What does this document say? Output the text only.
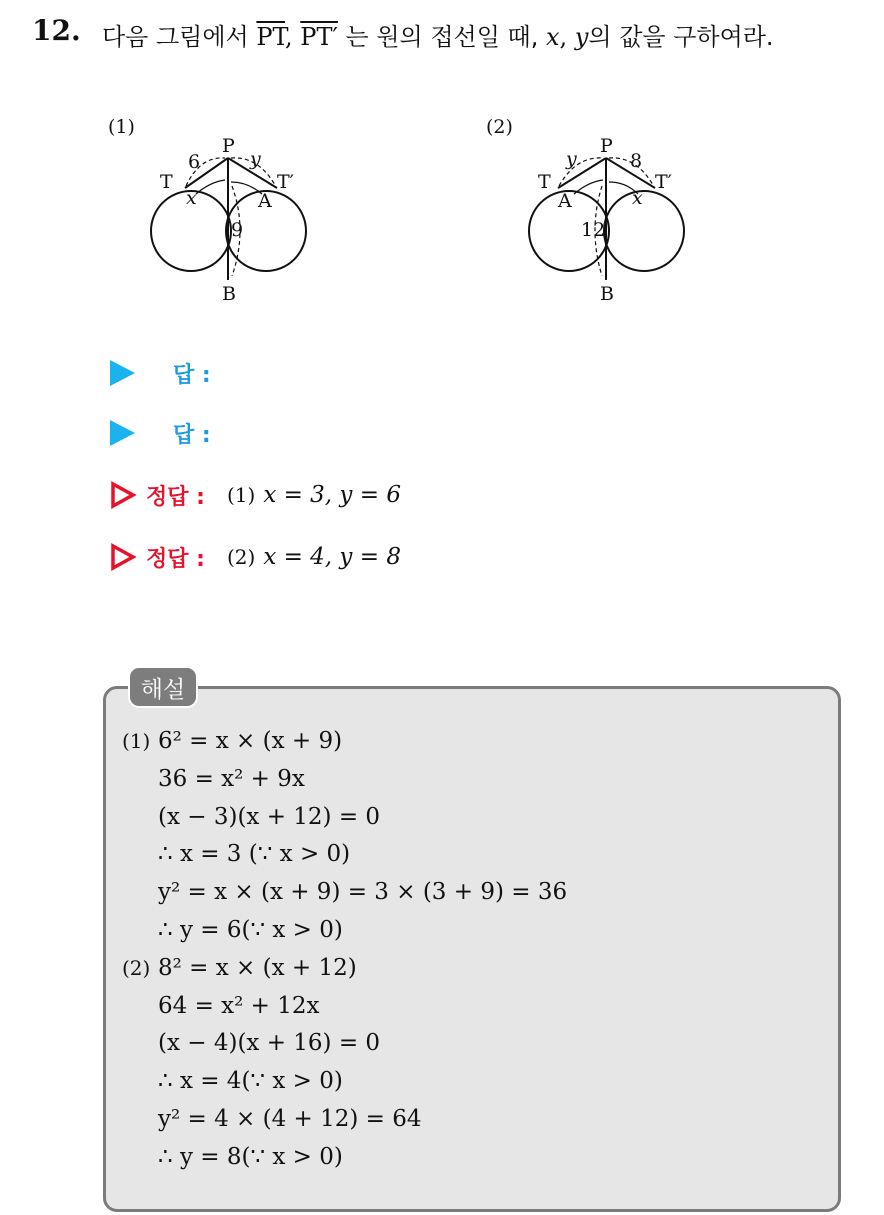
12. 다음 그림에서 $\overline{PT}$, PT′ 는 원의 접선일 때, x, y의 값을 구하여라.
(1)
P
T	T′
A
B
6	y
9
x
(2)
P
T	T′
A
B
y	8
12
x
답 :
답 :
정답 : (1) x = 3, y = 6
정답 : (2) x = 4, y = 8
해설
(1) 6² = x × (x + 9)
36 = x² + 9x
(x − 3)(x + 12) = 0
∴ x = 3 (∵ x > 0)
y² = x × (x + 9) = 3 × (3 + 9) = 36
∴ y = 6(∵ x > 0)
(2) 8² = x × (x + 12)
64 = x² + 12x
(x − 4)(x + 16) = 0
∴ x = 4(∵ x > 0)
y² = 4 × (4 + 12) = 64
∴ y = 8(∵ x > 0)
